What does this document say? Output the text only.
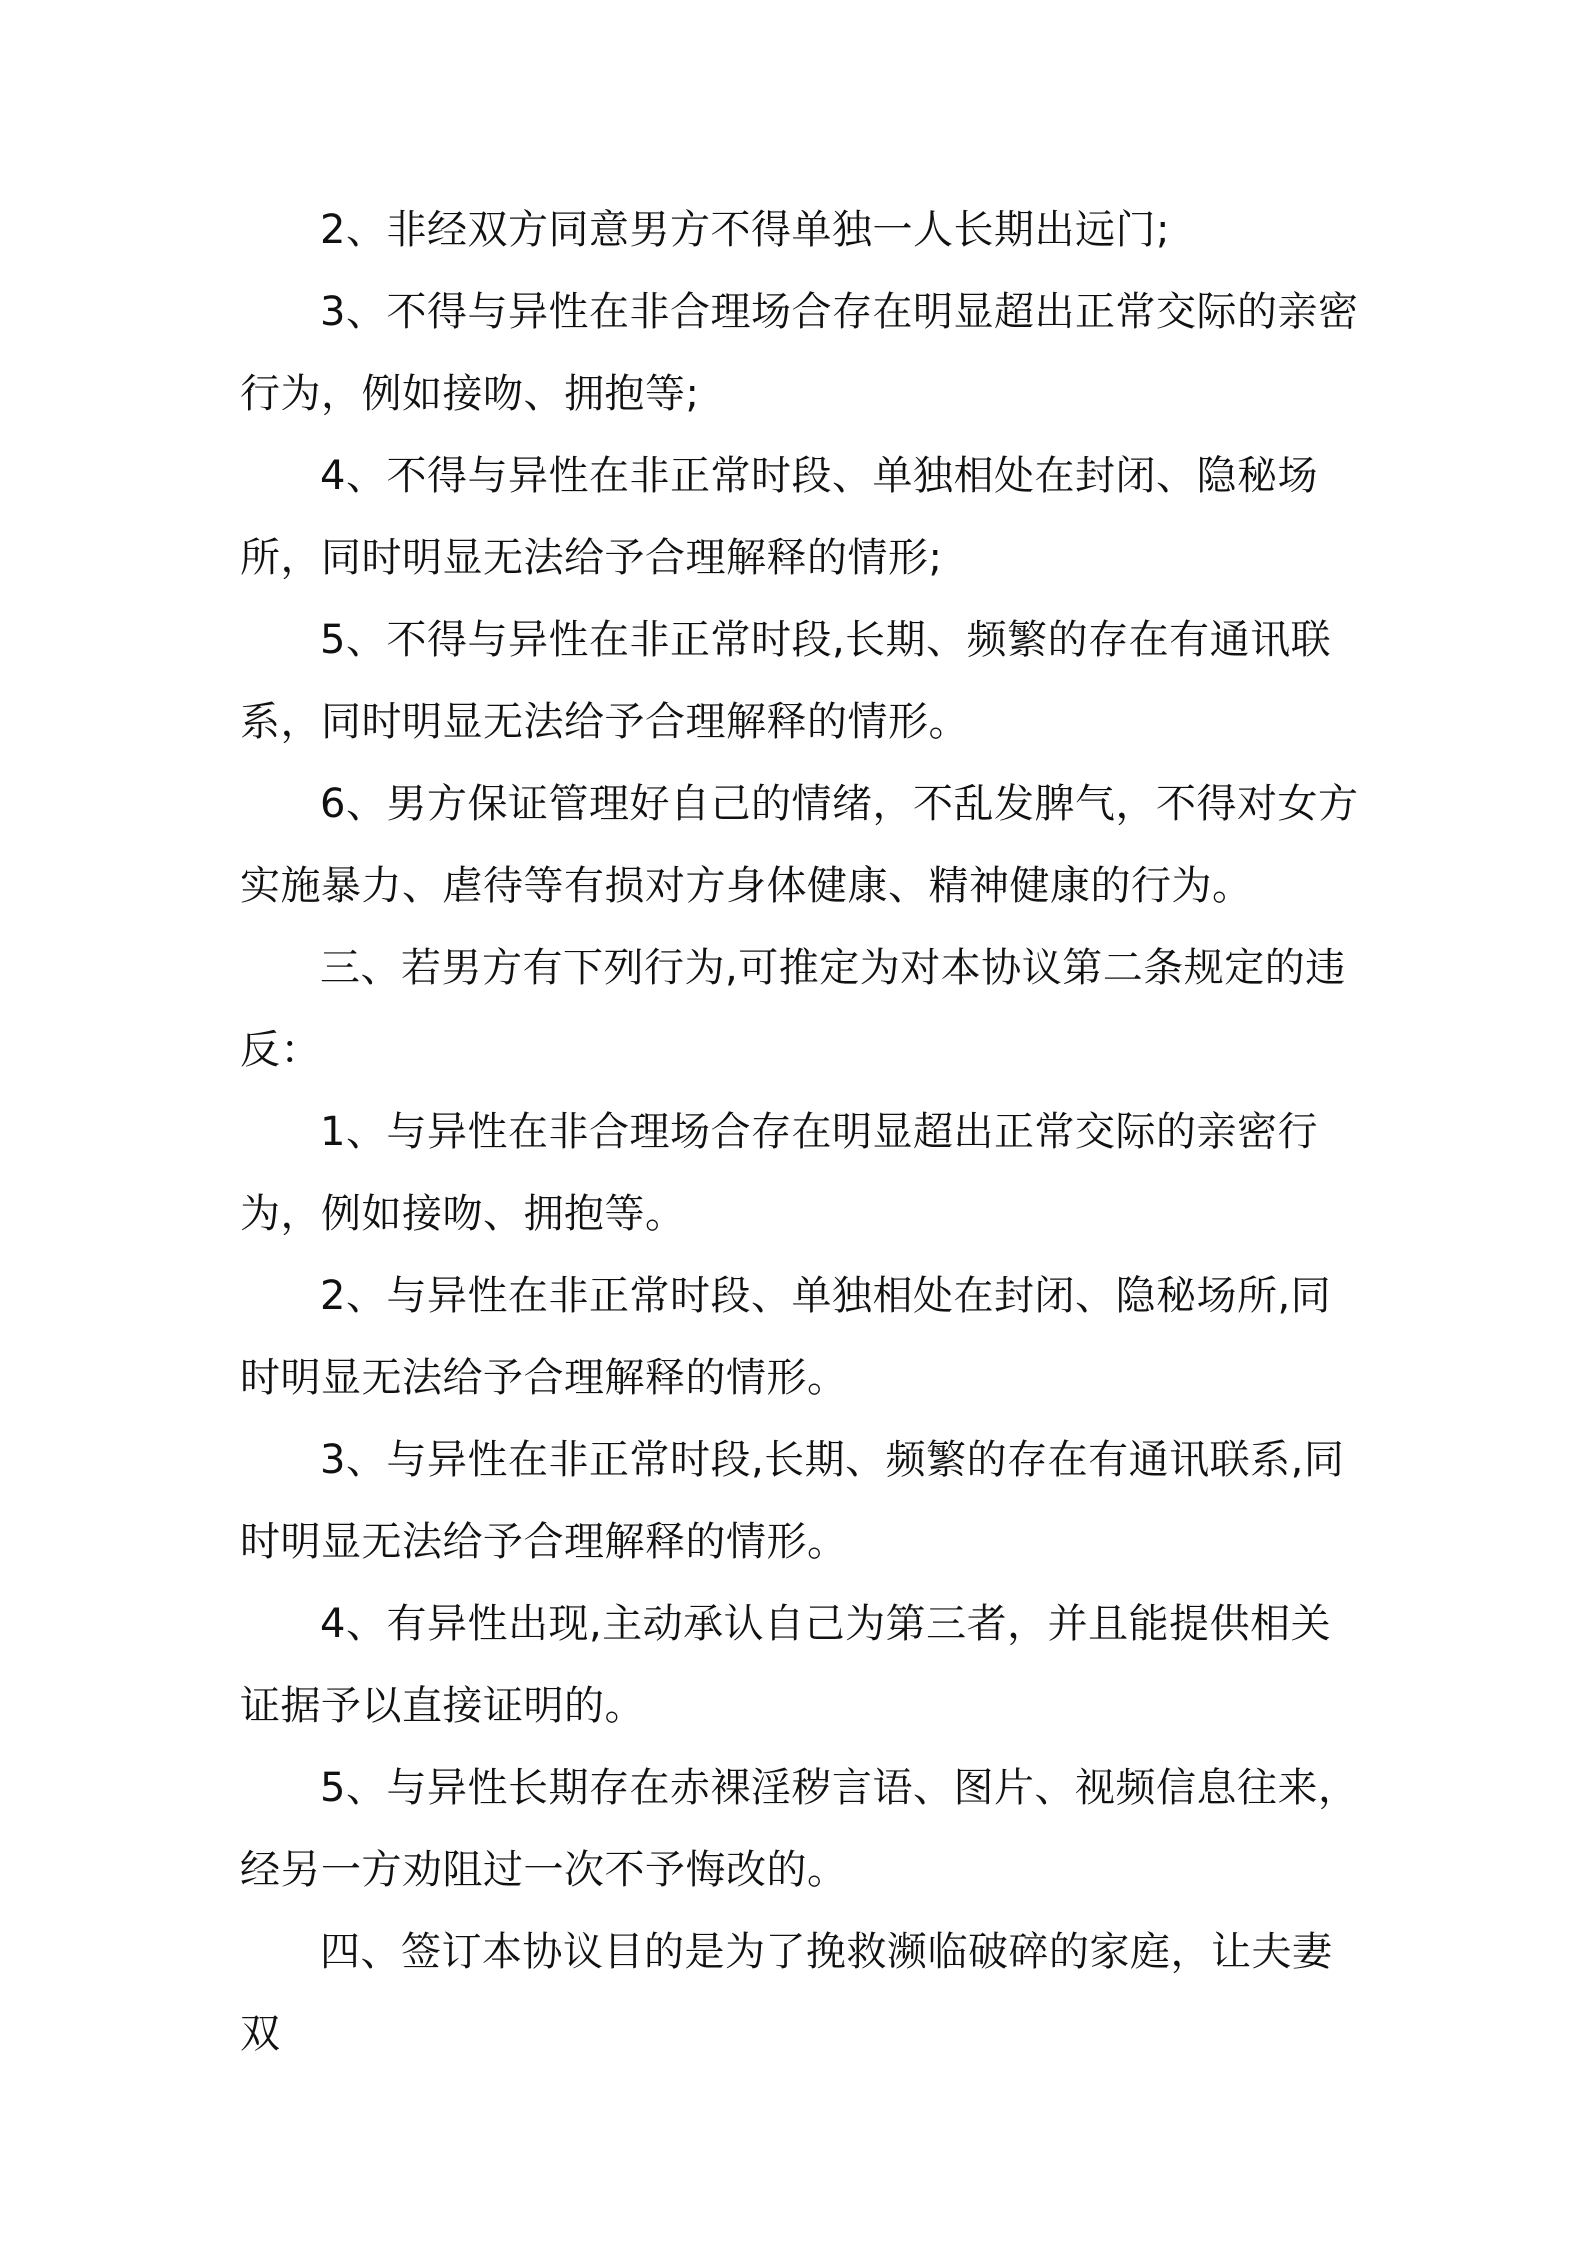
2、非经双方同意男方不得单独一人长期出远门;

3、不得与异性在非合理场合存在明显超出正常交际的亲密行为，例如接吻、拥抱等;

4、不得与异性在非正常时段、单独相处在封闭、隐秘场所，同时明显无法给予合理解释的情形;

5、不得与异性在非正常时段,长期、频繁的存在有通讯联系，同时明显无法给予合理解释的情形。

6、男方保证管理好自己的情绪，不乱发脾气，不得对女方实施暴力、虐待等有损对方身体健康、精神健康的行为。

三、若男方有下列行为,可推定为对本协议第二条规定的违反：

1、与异性在非合理场合存在明显超出正常交际的亲密行为，例如接吻、拥抱等。

2、与异性在非正常时段、单独相处在封闭、隐秘场所,同时明显无法给予合理解释的情形。

3、与异性在非正常时段,长期、频繁的存在有通讯联系,同时明显无法给予合理解释的情形。

4、有异性出现,主动承认自己为第三者，并且能提供相关证据予以直接证明的。

5、与异性长期存在赤裸淫秽言语、图片、视频信息往来，经另一方劝阻过一次不予悔改的。

四、签订本协议目的是为了挽救濒临破碎的家庭，让夫妻双
